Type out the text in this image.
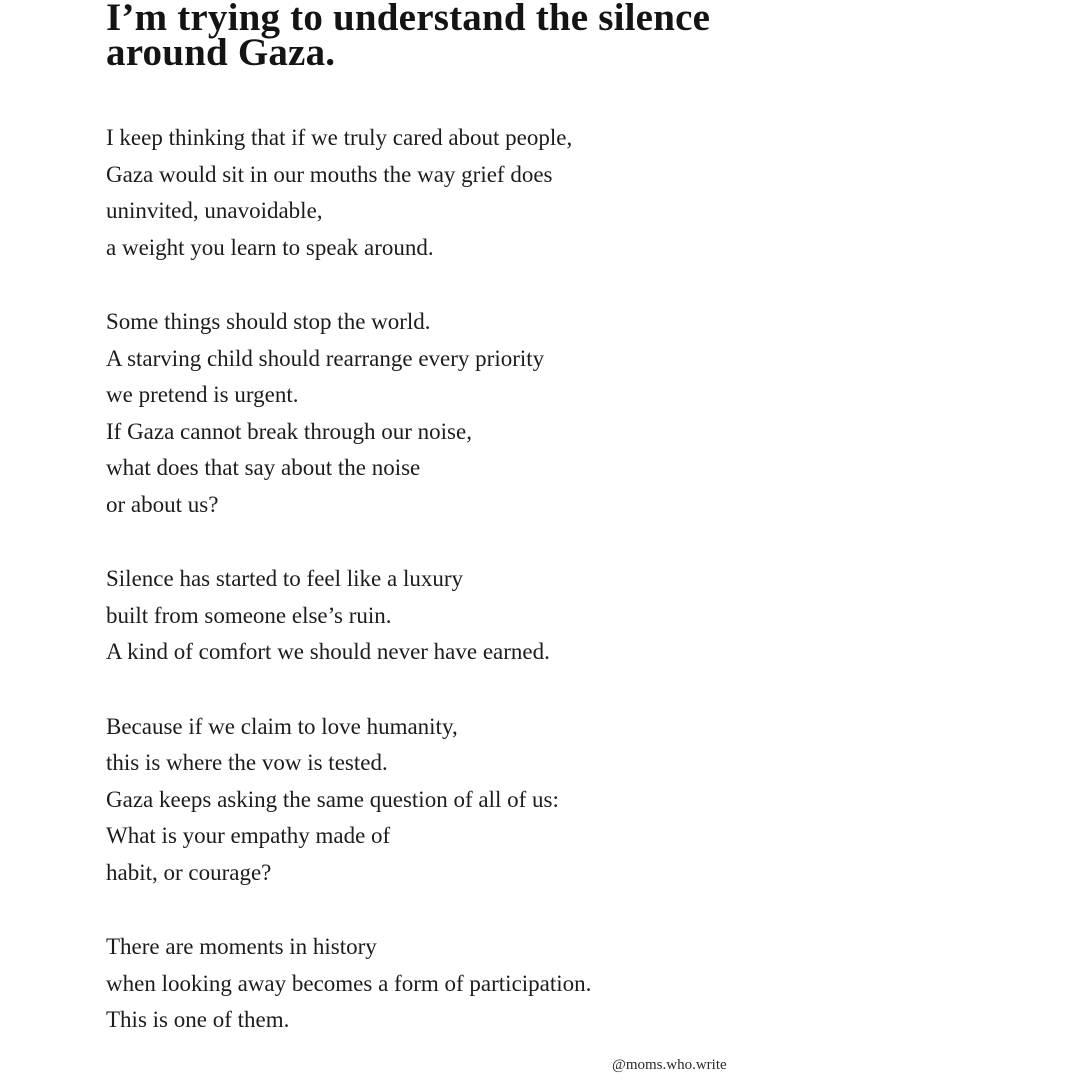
I’m trying to understand the silence
around Gaza.
I keep thinking that if we truly cared about people,
Gaza would sit in our mouths the way grief does
uninvited, unavoidable,
a weight you learn to speak around.
Some things should stop the world.
A starving child should rearrange every priority
we pretend is urgent.
If Gaza cannot break through our noise,
what does that say about the noise
or about us?
Silence has started to feel like a luxury
built from someone else’s ruin.
A kind of comfort we should never have earned.
Because if we claim to love humanity,
this is where the vow is tested.
Gaza keeps asking the same question of all of us:
What is your empathy made of
habit, or courage?
There are moments in history
when looking away becomes a form of participation.
This is one of them.
@moms.who.write
